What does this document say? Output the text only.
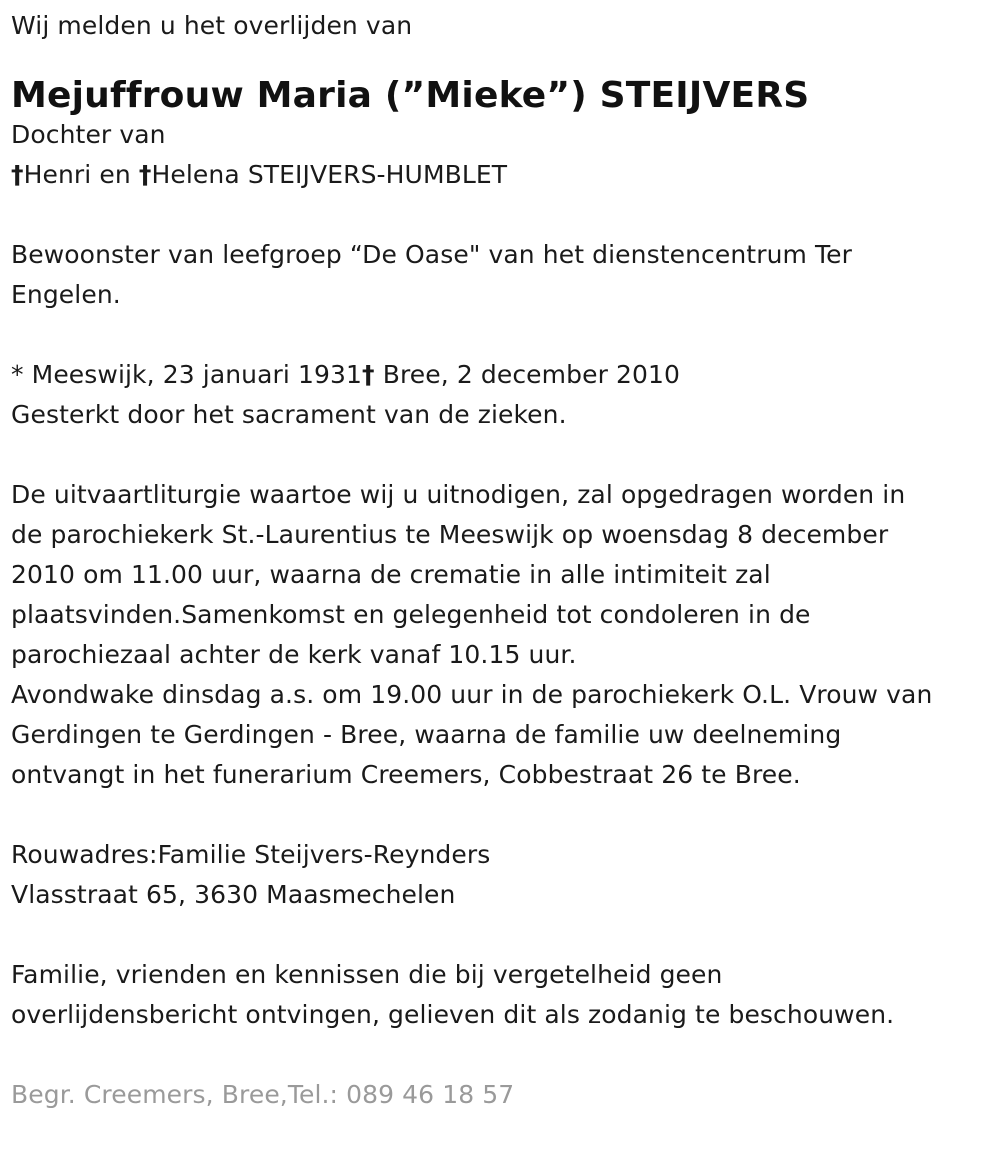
Wij melden u het overlijden van

Mejuffrouw Maria (”Mieke”) STEIJVERS

Dochter van

†Henri en †Helena STEIJVERS-HUMBLET

Bewoonster van leefgroep “De Oase" van het dienstencentrum Ter

Engelen.

* Meeswijk, 23 januari 1931† Bree, 2 december 2010

Gesterkt door het sacrament van de zieken.

De uitvaartliturgie waartoe wij u uitnodigen, zal opgedragen worden in

de parochiekerk St.-Laurentius te Meeswijk op woensdag 8 december

2010 om 11.00 uur, waarna de crematie in alle intimiteit zal

plaatsvinden.Samenkomst en gelegenheid tot condoleren in de

parochiezaal achter de kerk vanaf 10.15 uur.

Avondwake dinsdag a.s. om 19.00 uur in de parochiekerk O.L. Vrouw van

Gerdingen te Gerdingen - Bree, waarna de familie uw deelneming

ontvangt in het funerarium Creemers, Cobbestraat 26 te Bree.

Rouwadres:Familie Steijvers-Reynders

Vlasstraat 65, 3630 Maasmechelen

Familie, vrienden en kennissen die bij vergetelheid geen

overlijdensbericht ontvingen, gelieven dit als zodanig te beschouwen.

Begr. Creemers, Bree,Tel.: 089 46 18 57
